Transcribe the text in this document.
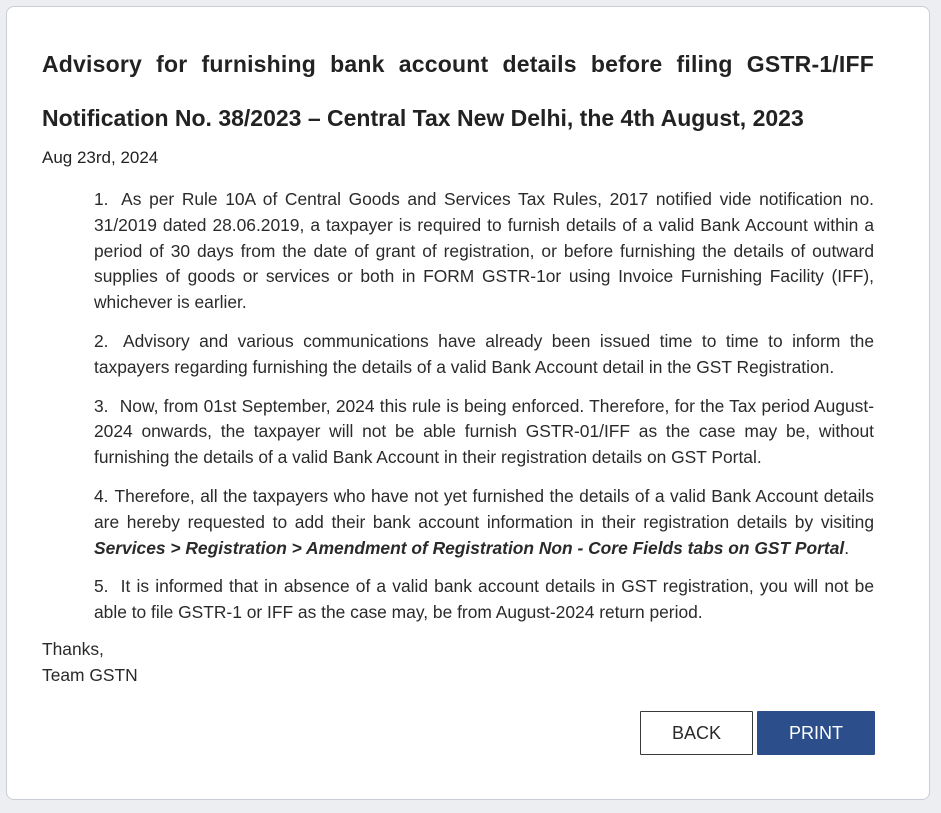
Advisory for furnishing bank account details before filing GSTR-1/IFF
Notification No. 38/2023 – Central Tax New Delhi, the 4th August, 2023
Aug 23rd, 2024
1. As per Rule 10A of Central Goods and Services Tax Rules, 2017 notified vide notification no. 31/2019 dated 28.06.2019, a taxpayer is required to furnish details of a valid Bank Account within a period of 30 days from the date of grant of registration, or before furnishing the details of outward supplies of goods or services or both in FORM GSTR-1or using Invoice Furnishing Facility (IFF), whichever is earlier.
2. Advisory and various communications have already been issued time to time to inform the taxpayers regarding furnishing the details of a valid Bank Account detail in the GST Registration.
3. Now, from 01st September, 2024 this rule is being enforced. Therefore, for the Tax period August-2024 onwards, the taxpayer will not be able furnish GSTR-01/IFF as the case may be, without furnishing the details of a valid Bank Account in their registration details on GST Portal.
4. Therefore, all the taxpayers who have not yet furnished the details of a valid Bank Account details are hereby requested to add their bank account information in their registration details by visiting Services > Registration > Amendment of Registration Non - Core Fields tabs on GST Portal.
5. It is informed that in absence of a valid bank account details in GST registration, you will not be able to file GSTR-1 or IFF as the case may, be from August-2024 return period.
Thanks,
Team GSTN
BACK	PRINT
